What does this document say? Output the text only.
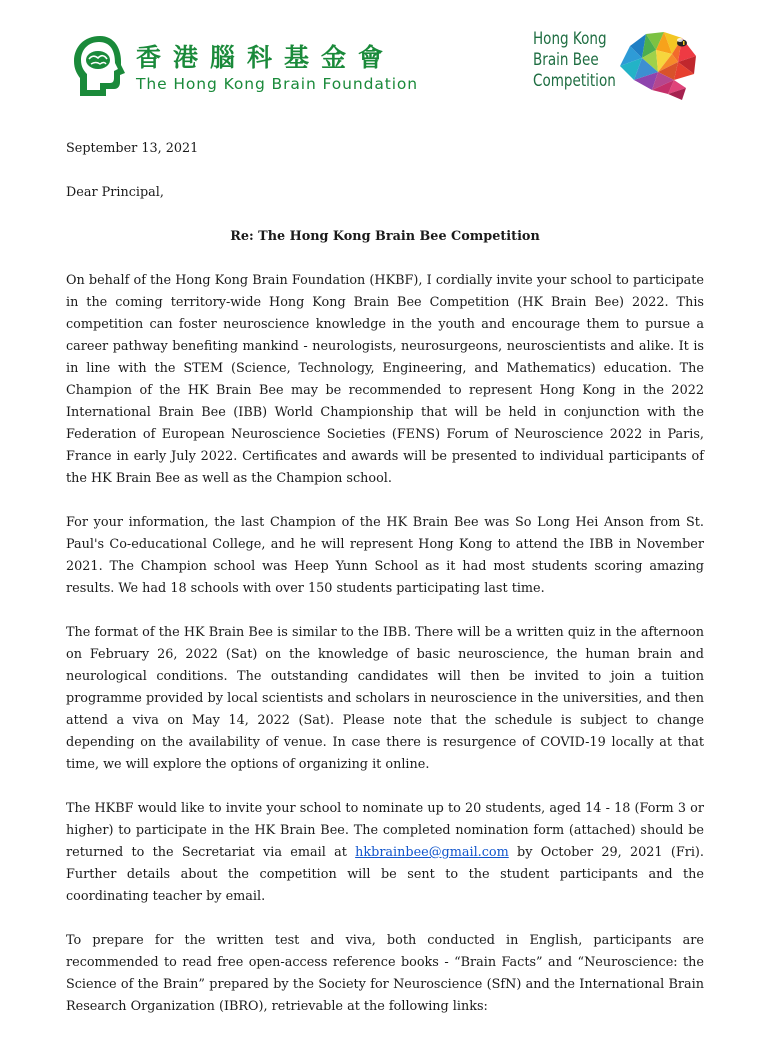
香港腦科基金會
The Hong Kong Brain Foundation
Hong Kong
Brain Bee
Competition

September 13, 2021

Dear Principal,

Re: The Hong Kong Brain Bee Competition

On behalf of the Hong Kong Brain Foundation (HKBF), I cordially invite your school to participate in the coming territory-wide Hong Kong Brain Bee Competition (HK Brain Bee) 2022. This competition can foster neuroscience knowledge in the youth and encourage them to pursue a career pathway benefiting mankind - neurologists, neurosurgeons, neuroscientists and alike. It is in line with the STEM (Science, Technology, Engineering, and Mathematics) education. The Champion of the HK Brain Bee may be recommended to represent Hong Kong in the 2022 International Brain Bee (IBB) World Championship that will be held in conjunction with the Federation of European Neuroscience Societies (FENS) Forum of Neuroscience 2022 in Paris, France in early July 2022. Certificates and awards will be presented to individual participants of the HK Brain Bee as well as the Champion school.

For your information, the last Champion of the HK Brain Bee was So Long Hei Anson from St. Paul's Co-educational College, and he will represent Hong Kong to attend the IBB in November 2021. The Champion school was Heep Yunn School as it had most students scoring amazing results. We had 18 schools with over 150 students participating last time.

The format of the HK Brain Bee is similar to the IBB. There will be a written quiz in the afternoon on February 26, 2022 (Sat) on the knowledge of basic neuroscience, the human brain and neurological conditions. The outstanding candidates will then be invited to join a tuition programme provided by local scientists and scholars in neuroscience in the universities, and then attend a viva on May 14, 2022 (Sat). Please note that the schedule is subject to change depending on the availability of venue. In case there is resurgence of COVID-19 locally at that time, we will explore the options of organizing it online.

The HKBF would like to invite your school to nominate up to 20 students, aged 14 - 18 (Form 3 or higher) to participate in the HK Brain Bee. The completed nomination form (attached) should be returned to the Secretariat via email at hkbrainbee@gmail.com by October 29, 2021 (Fri). Further details about the competition will be sent to the student participants and the coordinating teacher by email.

To prepare for the written test and viva, both conducted in English, participants are recommended to read free open-access reference books - “Brain Facts” and “Neuroscience: the Science of the Brain” prepared by the Society for Neuroscience (SfN) and the International Brain Research Organization (IBRO), retrievable at the following links:
